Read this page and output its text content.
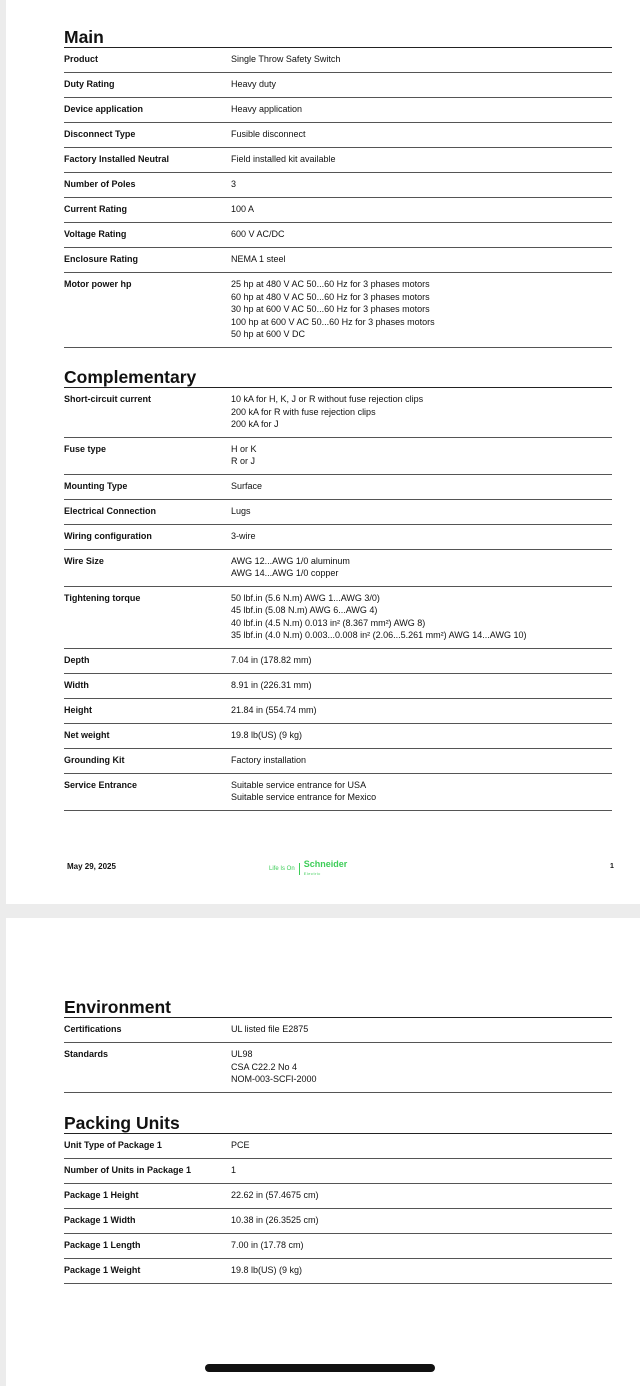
Main
Product	Single Throw Safety Switch
Duty Rating	Heavy duty
Device application	Heavy application
Disconnect Type	Fusible disconnect
Factory Installed Neutral	Field installed kit available
Number of Poles	3
Current Rating	100 A
Voltage Rating	600 V AC/DC
Enclosure Rating	NEMA 1 steel
Motor power hp	25 hp at 480 V AC 50...60 Hz for 3 phases motors
60 hp at 480 V AC 50...60 Hz for 3 phases motors
30 hp at 600 V AC 50...60 Hz for 3 phases motors
100 hp at 600 V AC 50...60 Hz for 3 phases motors
50 hp at 600 V DC
Complementary
Short-circuit current	10 kA for H, K, J or R without fuse rejection clips
200 kA for R with fuse rejection clips
200 kA for J
Fuse type	H or K
R or J
Mounting Type	Surface
Electrical Connection	Lugs
Wiring configuration	3-wire
Wire Size	AWG 12...AWG 1/0 aluminum
AWG 14...AWG 1/0 copper
Tightening torque	50 lbf.in (5.6 N.m) AWG 1...AWG 3/0)
45 lbf.in (5.08 N.m) AWG 6...AWG 4)
40 lbf.in (4.5 N.m) 0.013 in² (8.367 mm²) AWG 8)
35 lbf.in (4.0 N.m) 0.003...0.008 in² (2.06...5.261 mm²) AWG 14...AWG 10)
Depth	7.04 in (178.82 mm)
Width	8.91 in (226.31 mm)
Height	21.84 in (554.74 mm)
Net weight	19.8 lb(US) (9 kg)
Grounding Kit	Factory installation
Service Entrance	Suitable service entrance for USA
Suitable service entrance for Mexico
May 29, 2025	Life Is On Schneider
Electric
1
Environment
Certifications	UL listed file E2875
Standards	UL98
CSA C22.2 No 4
NOM-003-SCFI-2000
Packing Units
Unit Type of Package 1	PCE
Number of Units in Package 1	1
Package 1 Height	22.62 in (57.4675 cm)
Package 1 Width	10.38 in (26.3525 cm)
Package 1 Length	7.00 in (17.78 cm)
Package 1 Weight	19.8 lb(US) (9 kg)
